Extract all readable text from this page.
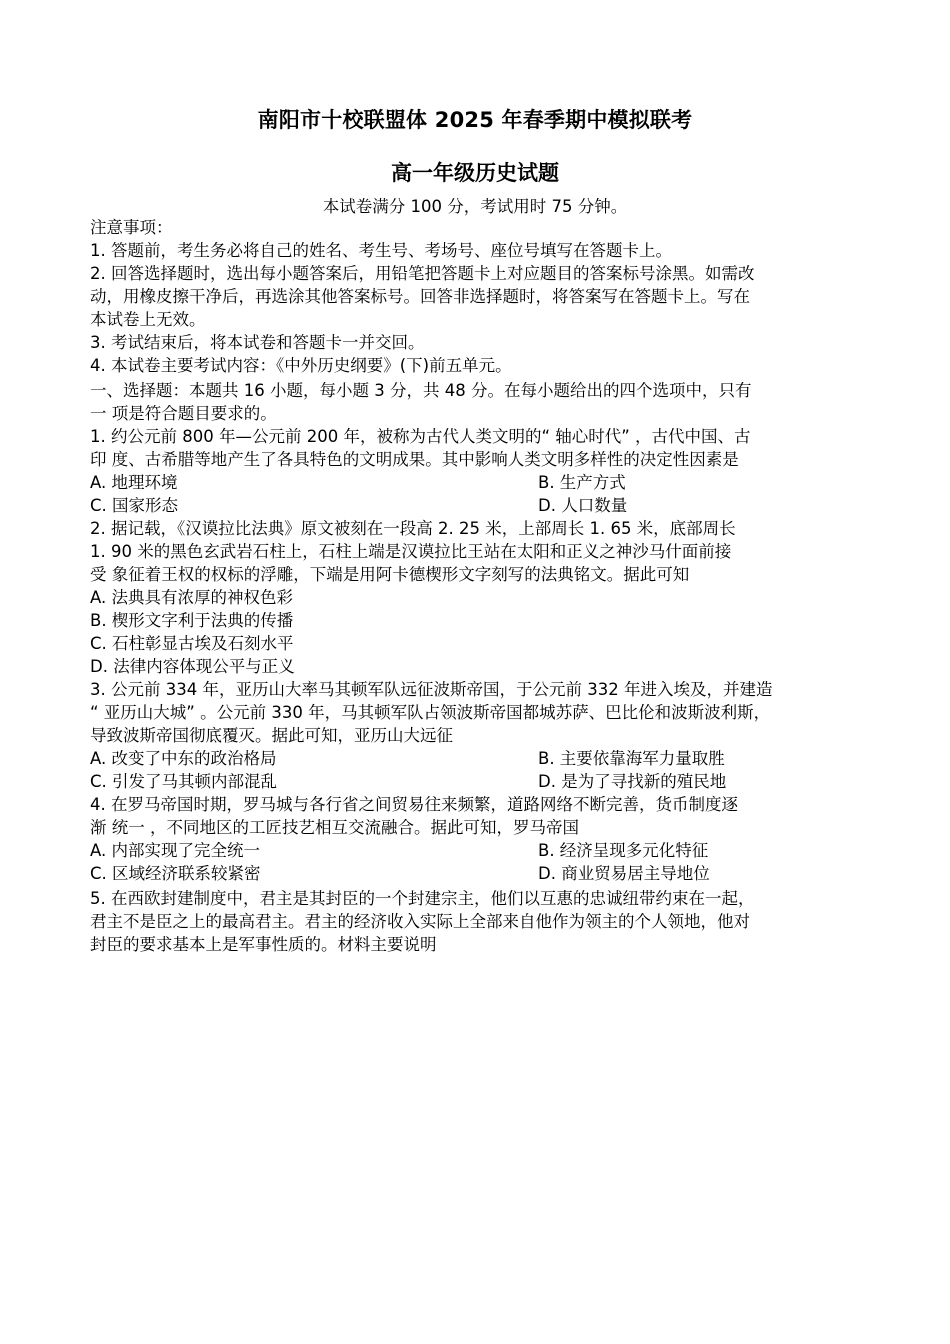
南阳市十校联盟体 2025 年春季期中模拟联考
高一年级历史试题
本试卷满分 100 分，考试用时 75 分钟。
注意事项：
1. 答题前，考生务必将自己的姓名、考生号、考场号、座位号填写在答题卡上。
2. 回答选择题时，选出每小题答案后，用铅笔把答题卡上对应题目的答案标号涂黑。如需改
动，用橡皮擦干净后，再选涂其他答案标号。回答非选择题时，将答案写在答题卡上。写在
本试卷上无效。
3. 考试结束后，将本试卷和答题卡一并交回。
4. 本试卷主要考试内容：《中外历史纲要》(下)前五单元。
一、选择题：本题共 16 小题，每小题 3 分，共 48 分。在每小题给出的四个选项中，只有
一 项是符合题目要求的。
1. 约公元前 800 年—公元前 200 年，被称为古代人类文明的“ 轴心时代” ，古代中国、古
印 度、古希腊等地产生了各具特色的文明成果。其中影响人类文明多样性的决定性因素是
A. 地理环境	B. 生产方式
C. 国家形态	D. 人口数量
2. 据记载，《汉谟拉比法典》原文被刻在一段高 2. 25 米，上部周长 1. 65 米，底部周长
1. 90 米的黑色玄武岩石柱上，石柱上端是汉谟拉比王站在太阳和正义之神沙马什面前接
受 象征着王权的权标的浮雕，下端是用阿卡德楔形文字刻写的法典铭文。据此可知
A. 法典具有浓厚的神权色彩
B. 楔形文字利于法典的传播
C. 石柱彰显古埃及石刻水平
D. 法律内容体现公平与正义
3. 公元前 334 年，亚历山大率马其顿军队远征波斯帝国，于公元前 332 年进入埃及，并建造
“ 亚历山大城” 。公元前 330 年，马其顿军队占领波斯帝国都城苏萨、巴比伦和波斯波利斯，
导致波斯帝国彻底覆灭。据此可知，亚历山大远征
A. 改变了中东的政治格局	B. 主要依靠海军力量取胜
C. 引发了马其顿内部混乱	D. 是为了寻找新的殖民地
4. 在罗马帝国时期，罗马城与各行省之间贸易往来频繁，道路网络不断完善，货币制度逐
渐 统一 ，不同地区的工匠技艺相互交流融合。据此可知，罗马帝国
A. 内部实现了完全统一	B. 经济呈现多元化特征
C. 区域经济联系较紧密	D. 商业贸易居主导地位
5. 在西欧封建制度中，君主是其封臣的一个封建宗主，他们以互惠的忠诚纽带约束在一起，
君主不是臣之上的最高君主。君主的经济收入实际上全部来自他作为领主的个人领地，他对
封臣的要求基本上是军事性质的。材料主要说明
